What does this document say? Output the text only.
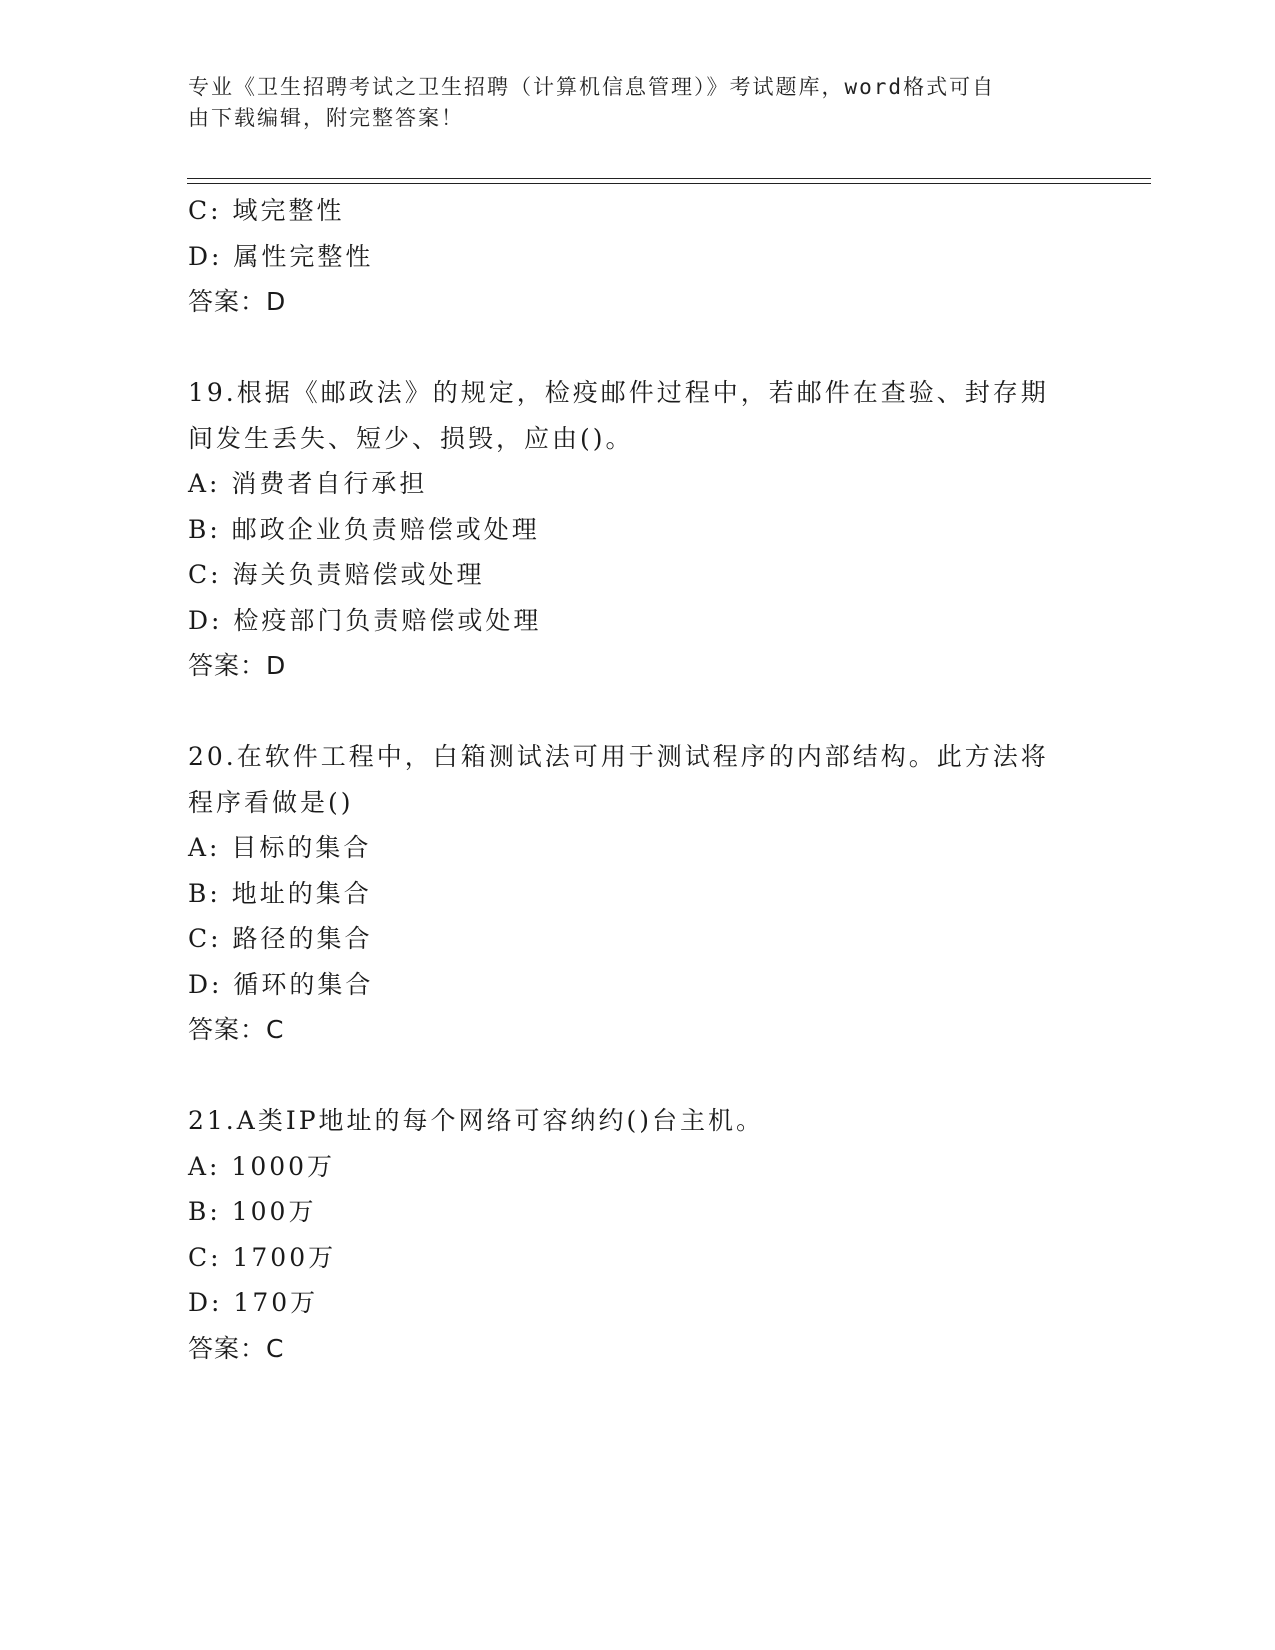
专业《卫生招聘考试之卫生招聘（计算机信息管理）》考试题库，word格式可自
由下载编辑，附完整答案！
C: 域完整性
D: 属性完整性
答案：D
19.根据《邮政法》的规定，检疫邮件过程中，若邮件在查验、封存期
间发生丢失、短少、损毁，应由()。
A: 消费者自行承担
B: 邮政企业负责赔偿或处理
C: 海关负责赔偿或处理
D: 检疫部门负责赔偿或处理
答案：D
20.在软件工程中，白箱测试法可用于测试程序的内部结构。此方法将
程序看做是()
A: 目标的集合
B: 地址的集合
C: 路径的集合
D: 循环的集合
答案：C
21.A类IP地址的每个网络可容纳约()台主机。
A: 1000万
B: 100万
C: 1700万
D: 170万
答案：C
